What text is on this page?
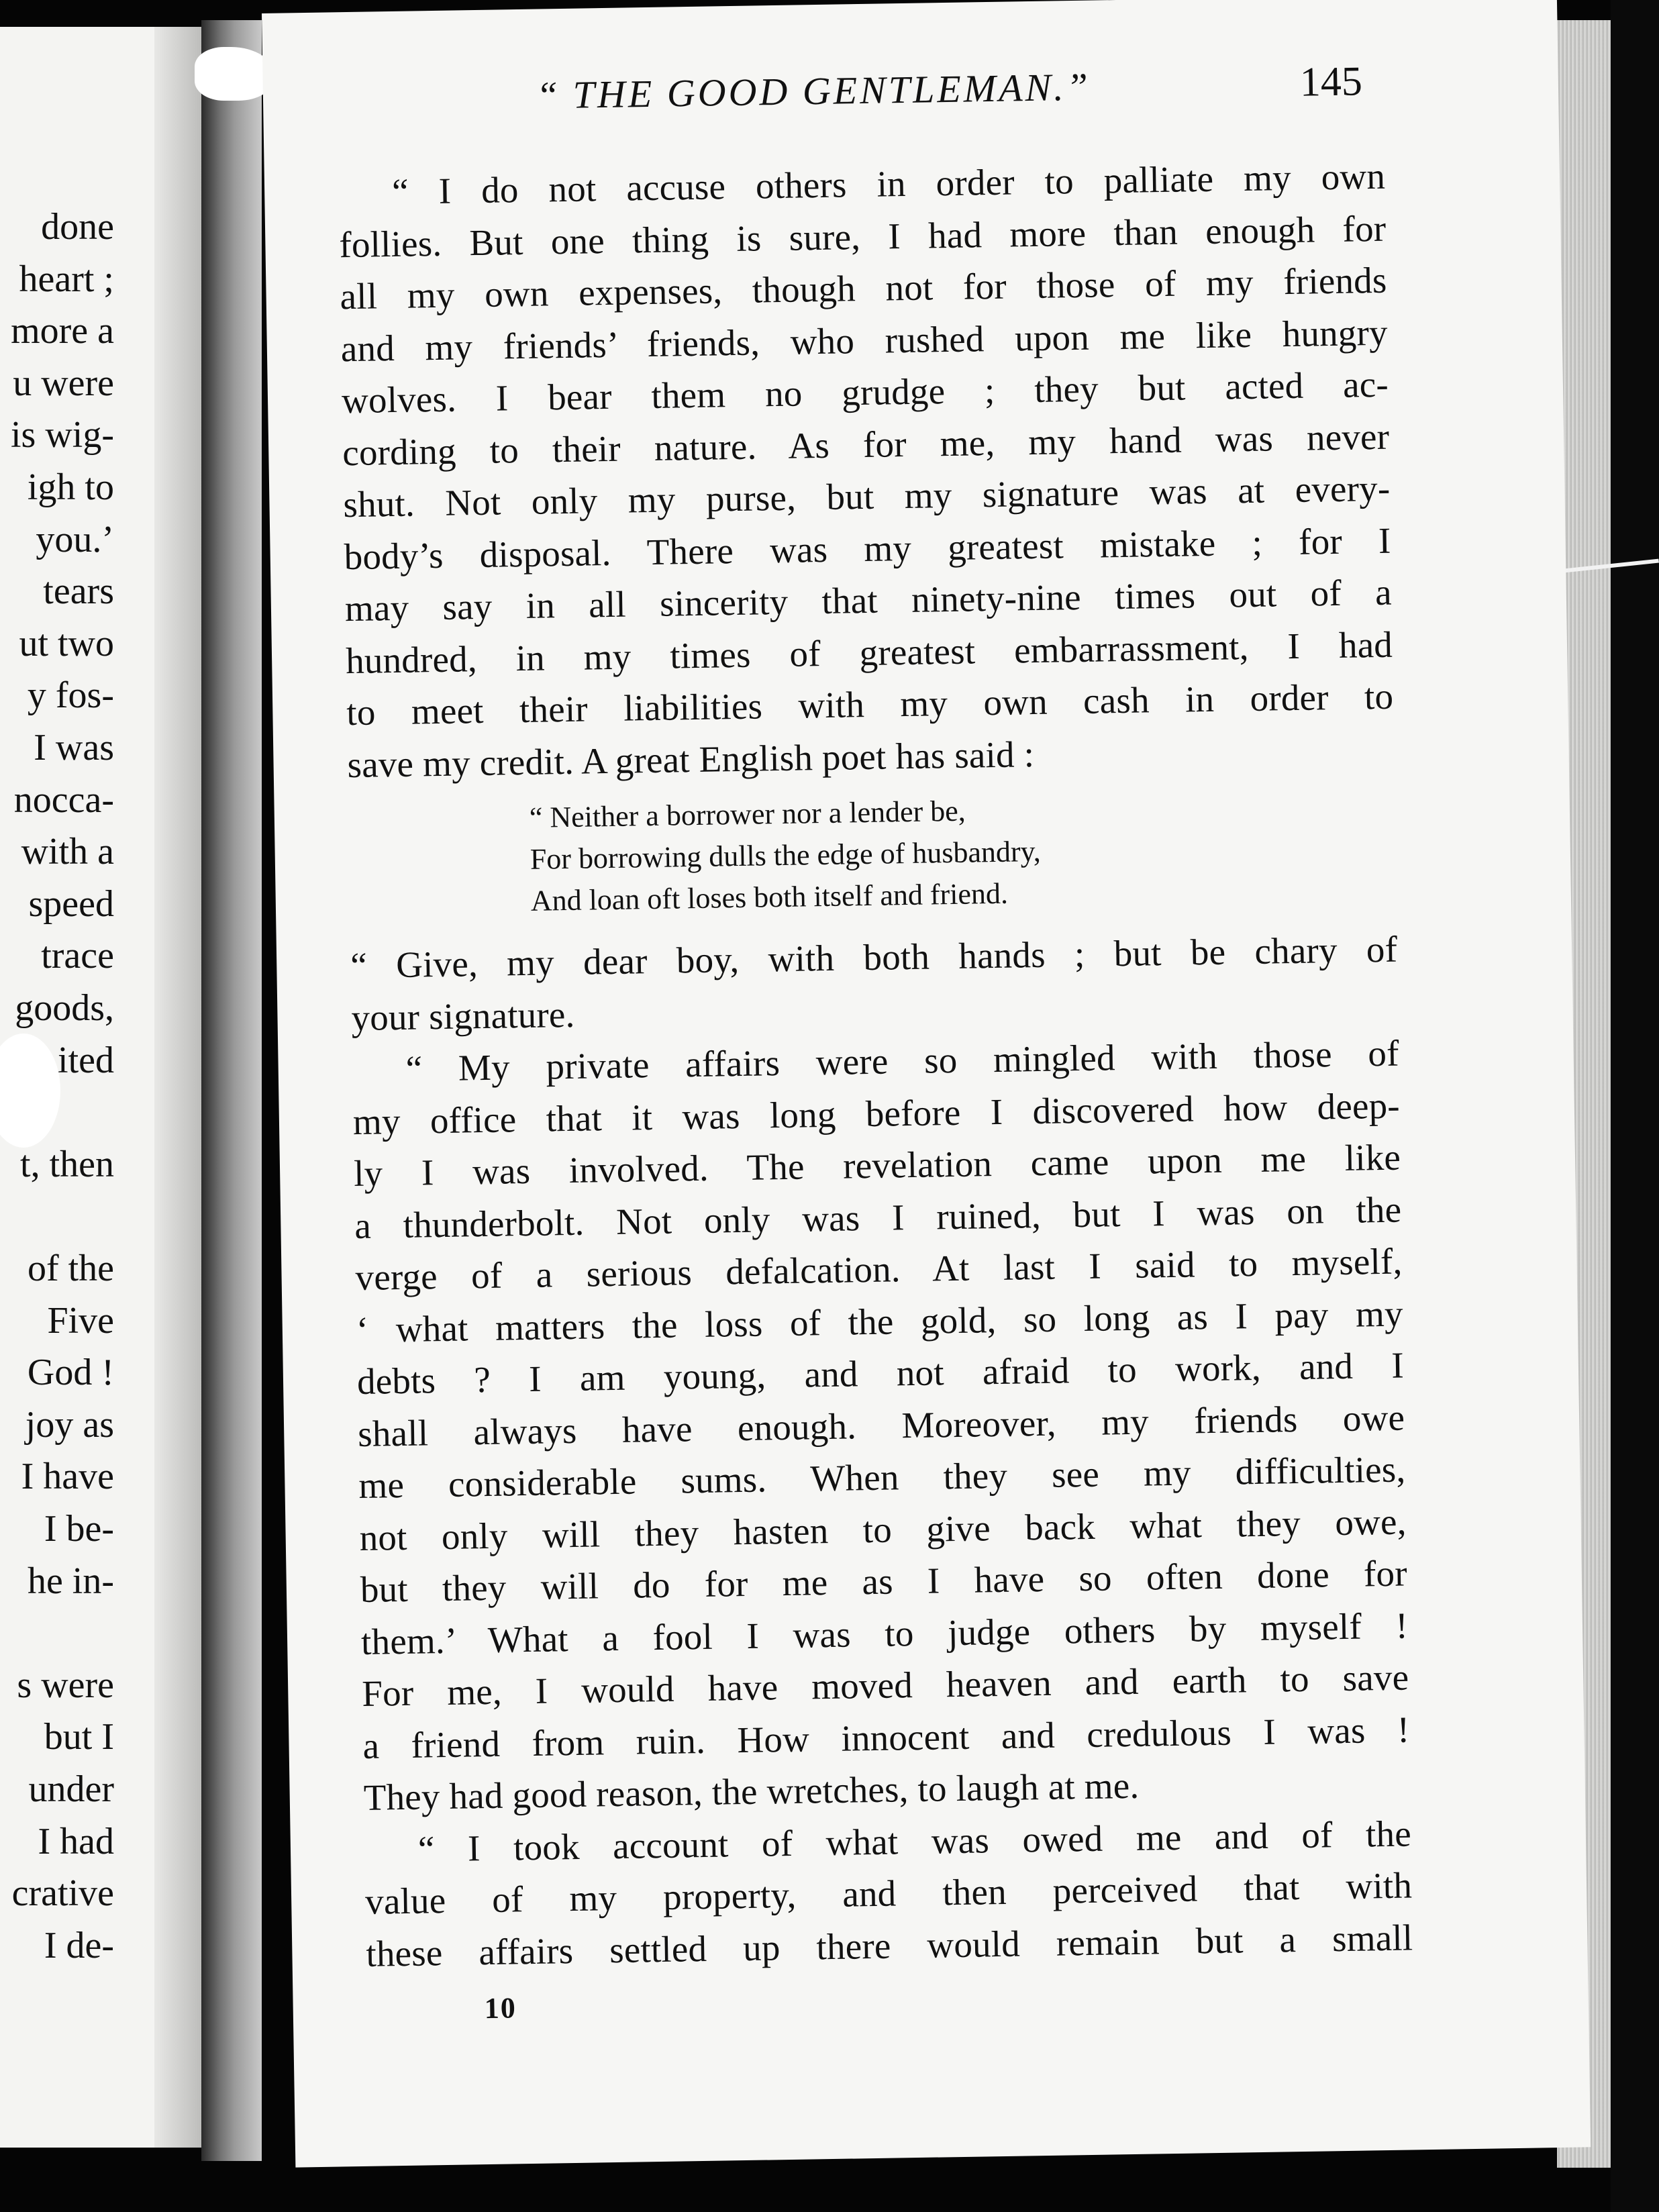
done
heart ;
more a
u were
is wig-
igh to
you.’
tears
ut two
y fos-
I was
nocca-
with a
speed
trace
goods,
ited
t, then
of the
Five
God !
joy as
I have
I be-
he in-
s were
but I
under
I had
crative
I de-
“ THE GOOD GENTLEMAN.”	145
“ I do not accuse others in order to palliate my own
follies. But one thing is sure, I had more than enough for
all my own expenses, though not for those of my friends
and my friends’ friends, who rushed upon me like hungry
wolves. I bear them no grudge ; they but acted ac-
cording to their nature. As for me, my hand was never
shut. Not only my purse, but my signature was at every-
body’s disposal. There was my greatest mistake ; for I
may say in all sincerity that ninety-nine times out of a
hundred, in my times of greatest embarrassment, I had
to meet their liabilities with my own cash in order to
save my credit. A great English poet has said :
“ Neither a borrower nor a lender be,
For borrowing dulls the edge of husbandry,
And loan oft loses both itself and friend.
“ Give, my dear boy, with both hands ; but be chary of
your signature.
“ My private affairs were so mingled with those of
my office that it was long before I discovered how deep-
ly I was involved. The revelation came upon me like
a thunderbolt. Not only was I ruined, but I was on the
verge of a serious defalcation. At last I said to myself,
‘ what matters the loss of the gold, so long as I pay my
debts ? I am young, and not afraid to work, and I
shall always have enough. Moreover, my friends owe
me considerable sums. When they see my difficulties,
not only will they hasten to give back what they owe,
but they will do for me as I have so often done for
them.’ What a fool I was to judge others by myself !
For me, I would have moved heaven and earth to save
a friend from ruin. How innocent and credulous I was !
They had good reason, the wretches, to laugh at me.
“ I took account of what was owed me and of the
value of my property, and then perceived that with
these affairs settled up there would remain but a small
10
